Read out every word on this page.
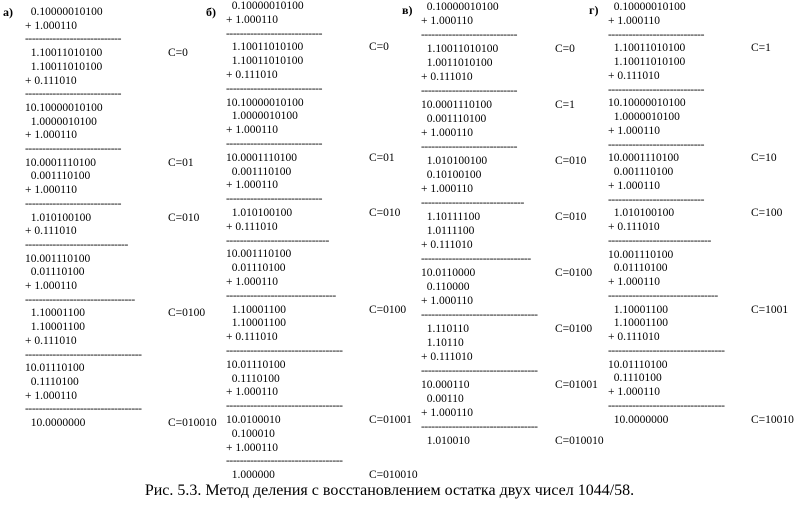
а) 0.10000010100
+ 1.000110
----------------------------
1.10011010100
1.10011010100
+ 0.111010
----------------------------
10.10000010100
1.0000010100
+ 1.000110
----------------------------
10.0001110100
0.001110100
+ 1.000110
----------------------------
1.010100100
+ 0.111010
------------------------------
10.001110100
0.01110100
+ 1.000110
--------------------------------
1.10001100
1.10001100
+ 0.111010
----------------------------------
10.01110100
0.1110100
+ 1.000110
----------------------------------
10.0000000
C=0
C=01
C=010
C=0100
C=010010
б) 0.10000010100
+ 1.000110
----------------------------
1.10011010100
1.10011010100
+ 0.111010
----------------------------
10.10000010100
1.0000010100
+ 1.000110
----------------------------
10.0001110100
0.001110100
+ 1.000110
----------------------------
1.010100100
+ 0.111010
------------------------------
10.001110100
0.01110100
+ 1.000110
--------------------------------
1.10001100
1.10001100
+ 0.111010
----------------------------------
10.01110100
0.1110100
+ 1.000110
----------------------------------
10.0100010
0.100010
+ 1.000110
----------------------------------
1.000000
C=0
C=01
C=010
C=0100
C=01001
C=010010
в) 0.10000010100
+ 1.000110
----------------------------
1.10011010100
1.0011010100
+ 0.111010
----------------------------
10.0001110100
0.001110100
+ 1.000110
----------------------------
1.010100100
0.10100100
+ 1.000110
------------------------------
1.10111100
1.0111100
+ 0.111010
--------------------------------
10.0110000
0.110000
+ 1.000110
----------------------------------
1.110110
1.10110
+ 0.111010
----------------------------------
10.000110
0.00110
+ 1.000110
----------------------------------
1.010010
C=0
C=1
C=010
C=010
C=0100
C=0100
C=01001
C=010010
г) 0.10000010100
+ 1.000110
----------------------------
1.10011010100
1.10011010100
+ 0.111010
----------------------------
10.10000010100
1.0000010100
+ 1.000110
----------------------------
10.0001110100
0.001110100
+ 1.000110
----------------------------
1.010100100
+ 0.111010
------------------------------
10.001110100
0.01110100
+ 1.000110
--------------------------------
1.10001100
1.10001100
+ 0.111010
----------------------------------
10.01110100
0.1110100
+ 1.000110
----------------------------------
10.0000000
C=1
C=10
C=100
C=1001
C=10010
Рис. 5.3. Метод деления с восстановлением остатка двух чисел 1044/58.
